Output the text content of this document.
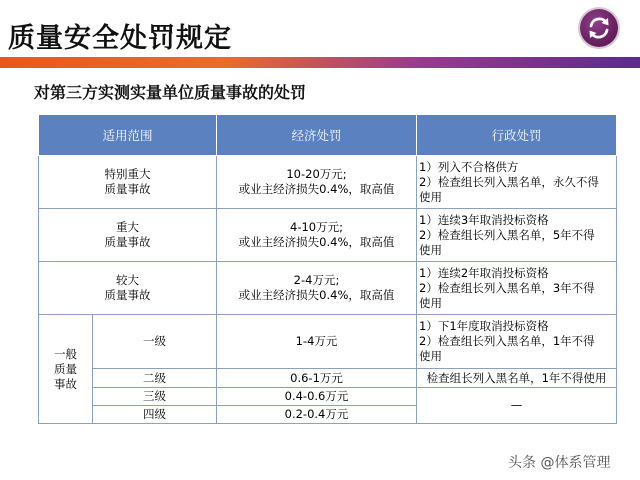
质量安全处罚规定
对第三方实测实量单位质量事故的处罚
适用范围		经济处罚	行政处罚

特别重大
质量事故		10-20万元;
或业主经济损失0.4%，取高值	1）列入不合格供方
2）检查组长列入黑名单，永久不得
使用

重大
质量事故		4-10万元;
或业主经济损失0.4%，取高值	1）连续3年取消投标资格
2）检查组长列入黑名单，5年不得
使用

较大
质量事故		2-4万元;
或业主经济损失0.4%，取高值	1）连续2年取消投标资格
2）检查组长列入黑名单，3年不得
使用

一般
质量
事故	一级	1-4万元	1）下1年度取消投标资格
2）检查组长列入黑名单，1年不得
使用

	二级	0.6-1万元	检查组长列入黑名单，1年不得使用
	三级	0.4-0.6万元	—
	四级	0.2-0.4万元	
头条 @体系管理
